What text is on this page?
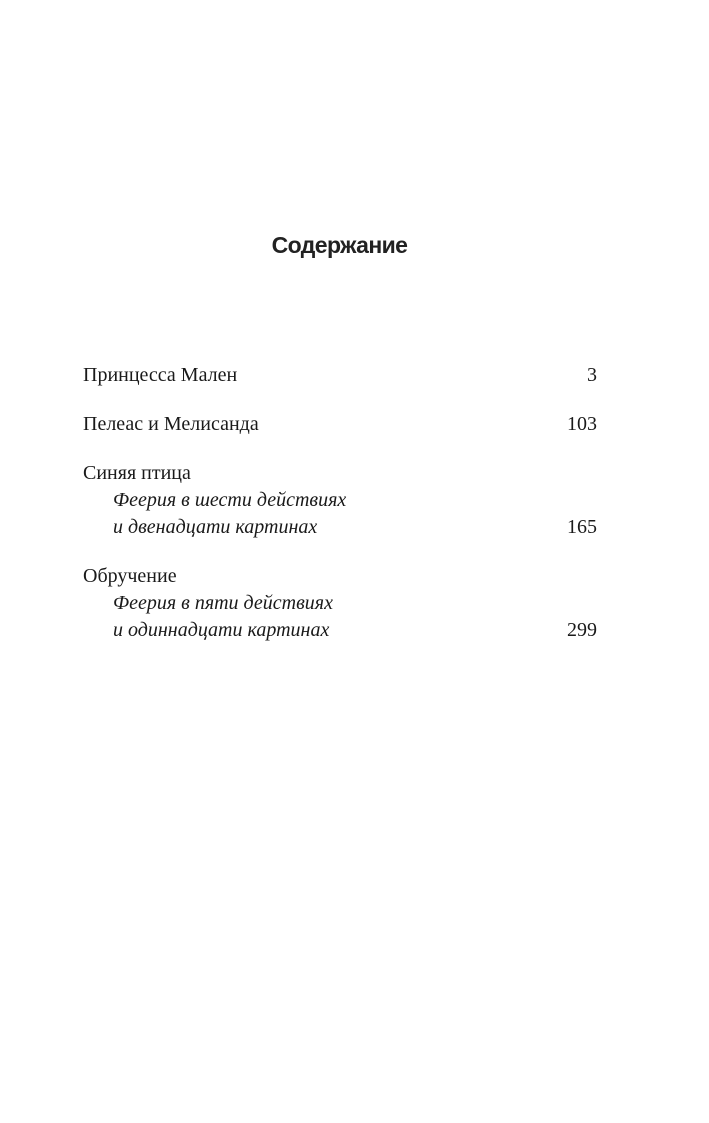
Содержание
Принцесса Мален	3
Пелеас и Мелисанда	103
Синяя птица
Феерия в шести действиях
и двенадцати картинах	165
Обручение
Феерия в пяти действиях
и одиннадцати картинах	299
